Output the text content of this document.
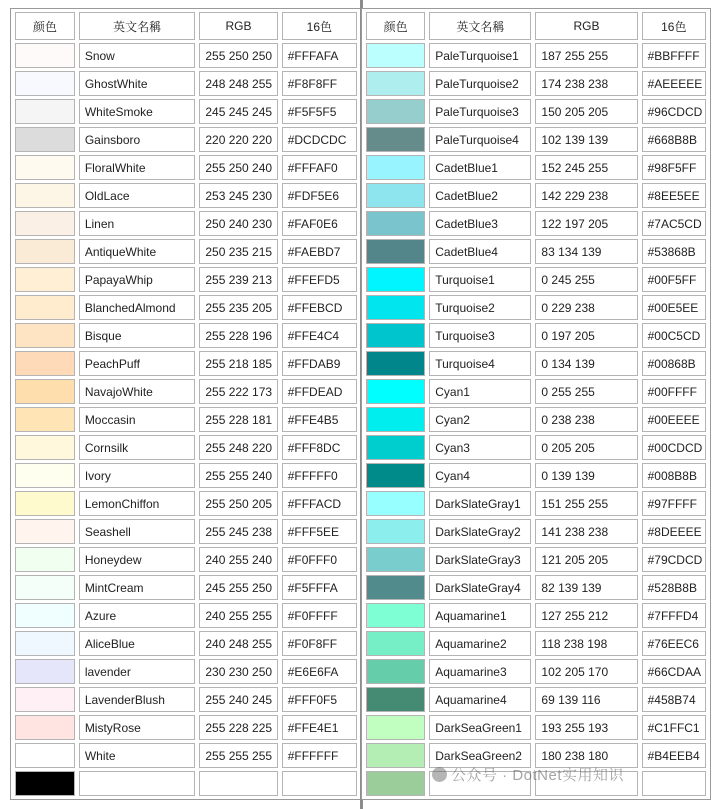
颜色	英文名稱	RGB	16色
	Snow	255 250 250	#FFFAFA
	GhostWhite	248 248 255	#F8F8FF
	WhiteSmoke	245 245 245	#F5F5F5
	Gainsboro	220 220 220	#DCDCDC
	FloralWhite	255 250 240	#FFFAF0
	OldLace	253 245 230	#FDF5E6
	Linen	250 240 230	#FAF0E6
	AntiqueWhite	250 235 215	#FAEBD7
	PapayaWhip	255 239 213	#FFEFD5
	BlanchedAlmond	255 235 205	#FFEBCD
	Bisque	255 228 196	#FFE4C4
	PeachPuff	255 218 185	#FFDAB9
	NavajoWhite	255 222 173	#FFDEAD
	Moccasin	255 228 181	#FFE4B5
	Cornsilk	255 248 220	#FFF8DC
	Ivory	255 255 240	#FFFFF0
	LemonChiffon	255 250 205	#FFFACD
	Seashell	255 245 238	#FFF5EE
	Honeydew	240 255 240	#F0FFF0
	MintCream	245 255 250	#F5FFFA
	Azure	240 255 255	#F0FFFF
	AliceBlue	240 248 255	#F0F8FF
	lavender	230 230 250	#E6E6FA
	LavenderBlush	255 240 245	#FFF0F5
	MistyRose	255 228 225	#FFE4E1
	White	255 255 255	#FFFFFF

颜色	英文名稱	RGB	16色
	PaleTurquoise1	187 255 255	#BBFFFF
	PaleTurquoise2	174 238 238	#AEEEEE
	PaleTurquoise3	150 205 205	#96CDCD
	PaleTurquoise4	102 139 139	#668B8B
	CadetBlue1	152 245 255	#98F5FF
	CadetBlue2	142 229 238	#8EE5EE
	CadetBlue3	122 197 205	#7AC5CD
	CadetBlue4	83 134 139	#53868B
	Turquoise1	0 245 255	#00F5FF
	Turquoise2	0 229 238	#00E5EE
	Turquoise3	0 197 205	#00C5CD
	Turquoise4	0 134 139	#00868B
	Cyan1	0 255 255	#00FFFF
	Cyan2	0 238 238	#00EEEE
	Cyan3	0 205 205	#00CDCD
	Cyan4	0 139 139	#008B8B
	DarkSlateGray1	151 255 255	#97FFFF
	DarkSlateGray2	141 238 238	#8DEEEE
	DarkSlateGray3	121 205 205	#79CDCD
	DarkSlateGray4	82 139 139	#528B8B
	Aquamarine1	127 255 212	#7FFFD4
	Aquamarine2	118 238 198	#76EEC6
	Aquamarine3	102 205 170	#66CDAA
	Aquamarine4	69 139 116	#458B74
	DarkSeaGreen1	193 255 193	#C1FFC1
	DarkSeaGreen2	180 238 180	#B4EEB4

公众号 · DotNet实用知识
